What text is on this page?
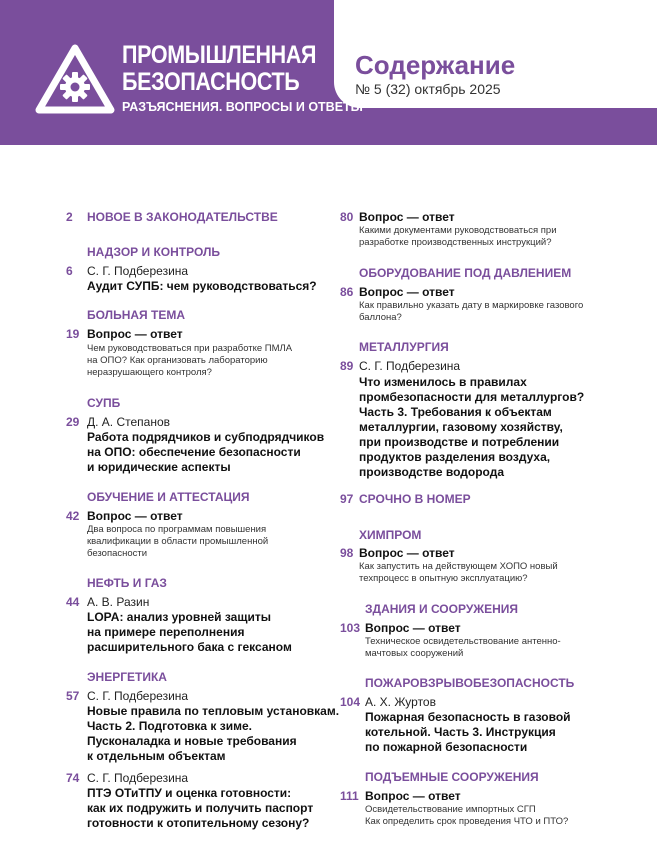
ПРОМЫШЛЕННАЯ
БЕЗОПАСНОСТЬ
РАЗЪЯСНЕНИЯ. ВОПРОСЫ И ОТВЕТЫ
Содержание
№ 5 (32) октябрь 2025
2 НОВОЕ В ЗАКОНОДАТЕЛЬСТВЕ
НАДЗОР И КОНТРОЛЬ
6 С. Г. Подберезина
Аудит СУПБ: чем руководствоваться?
БОЛЬНАЯ ТЕМА
19 Вопрос — ответ
Чем руководствоваться при разработке ПМЛА
на ОПО? Как организовать лабораторию
неразрушающего контроля?
СУПБ
29 Д. А. Степанов
Работа подрядчиков и субподрядчиков
на ОПО: обеспечение безопасности
и юридические аспекты
ОБУЧЕНИЕ И АТТЕСТАЦИЯ
42 Вопрос — ответ
Два вопроса по программам повышения
квалификации в области промышленной
безопасности
НЕФТЬ И ГАЗ
44 А. В. Разин
LOPA: анализ уровней защиты
на примере переполнения
расширительного бака с гексаном
ЭНЕРГЕТИКА
57 С. Г. Подберезина
Новые правила по тепловым установкам.
Часть 2. Подготовка к зиме.
Пусконаладка и новые требования
к отдельным объектам
74 С. Г. Подберезина
ПТЭ ОТиТПУ и оценка готовности:
как их подружить и получить паспорт
готовности к отопительному сезону?
80 Вопрос — ответ
Какими документами руководствоваться при
разработке производственных инструкций?
ОБОРУДОВАНИЕ ПОД ДАВЛЕНИЕМ
86 Вопрос — ответ
Как правильно указать дату в маркировке газового
баллона?
МЕТАЛЛУРГИЯ
89 С. Г. Подберезина
Что изменилось в правилах
промбезопасности для металлургов?
Часть 3. Требования к объектам
металлургии, газовому хозяйству,
при производстве и потреблении
продуктов разделения воздуха,
производстве водорода
97 СРОЧНО В НОМЕР
ХИМПРОМ
98 Вопрос — ответ
Как запустить на действующем ХОПО новый
техпроцесс в опытную эксплуатацию?
ЗДАНИЯ И СООРУЖЕНИЯ
103 Вопрос — ответ
Техническое освидетельствование антенно-
мачтовых сооружений
ПОЖАРОВЗРЫВОБЕЗОПАСНОСТЬ
104 А. Х. Журтов
Пожарная безопасность в газовой
котельной. Часть 3. Инструкция
по пожарной безопасности
ПОДЪЕМНЫЕ СООРУЖЕНИЯ
111 Вопрос — ответ
Освидетельствование импортных СГП
Как определить срок проведения ЧТО и ПТО?
